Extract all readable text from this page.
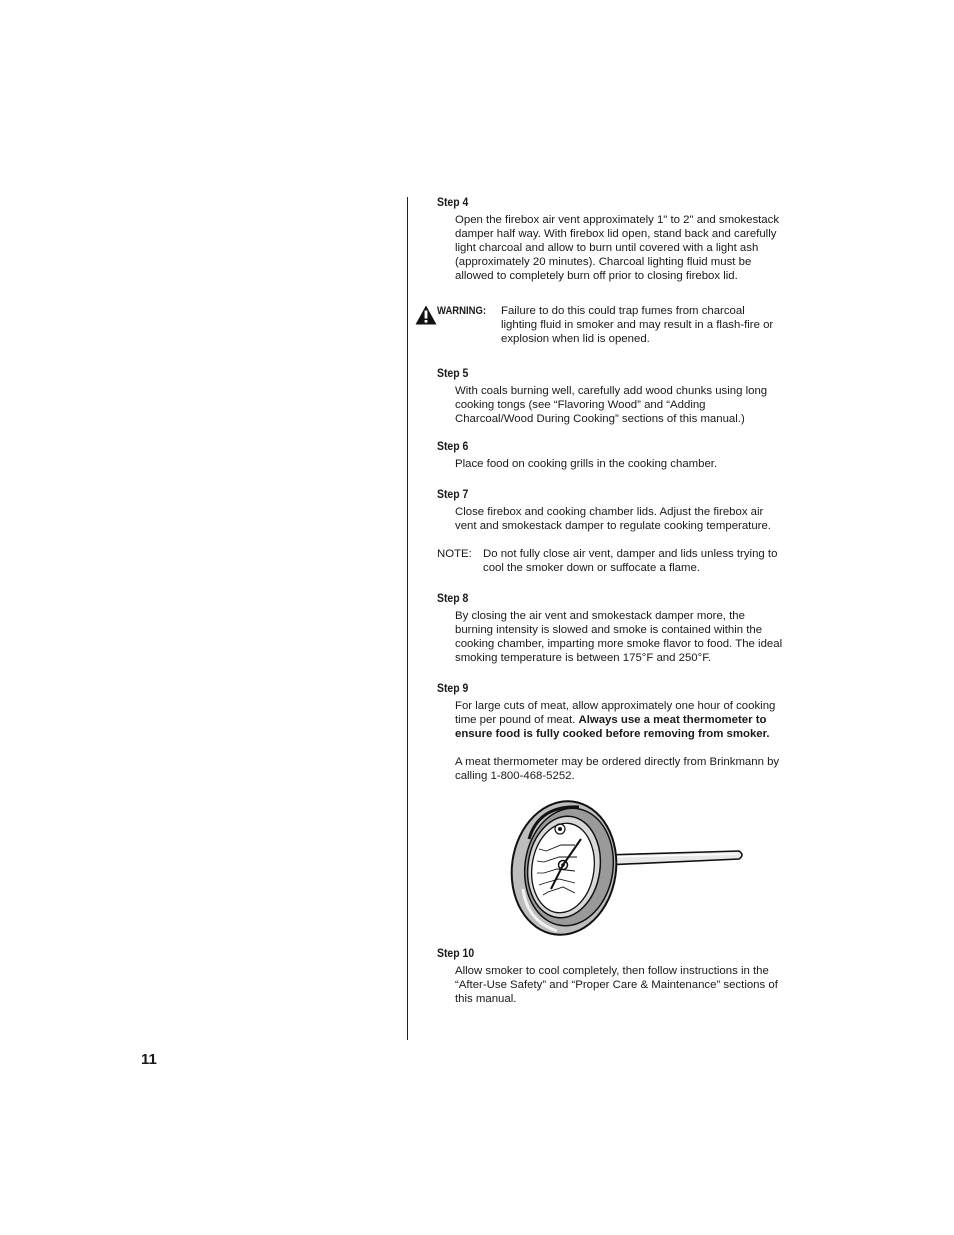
Step 4
Open the firebox air vent approximately 1" to 2" and smokestack damper half way. With firebox lid open, stand back and carefully light charcoal and allow to burn until covered with a light ash (approximately 20 minutes). Charcoal lighting fluid must be allowed to completely burn off prior to closing firebox lid.
WARNING: Failure to do this could trap fumes from charcoal lighting fluid in smoker and may result in a flash-fire or explosion when lid is opened.
Step 5
With coals burning well, carefully add wood chunks using long cooking tongs (see “Flavoring Wood” and “Adding Charcoal/Wood During Cooking” sections of this manual.)
Step 6
Place food on cooking grills in the cooking chamber.
Step 7
Close firebox and cooking chamber lids. Adjust the firebox air vent and smokestack damper to regulate cooking temperature.
NOTE: Do not fully close air vent, damper and lids unless trying to cool the smoker down or suffocate a flame.
Step 8
By closing the air vent and smokestack damper more, the burning intensity is slowed and smoke is contained within the cooking chamber, imparting more smoke flavor to food. The ideal smoking temperature is between 175°F and 250°F.
Step 9
For large cuts of meat, allow approximately one hour of cooking time per pound of meat. Always use a meat thermometer to ensure food is fully cooked before removing from smoker.
A meat thermometer may be ordered directly from Brinkmann by calling 1-800-468-5252.
Step 10
Allow smoker to cool completely, then follow instructions in the “After-Use Safety” and “Proper Care & Maintenance” sections of this manual.
11
